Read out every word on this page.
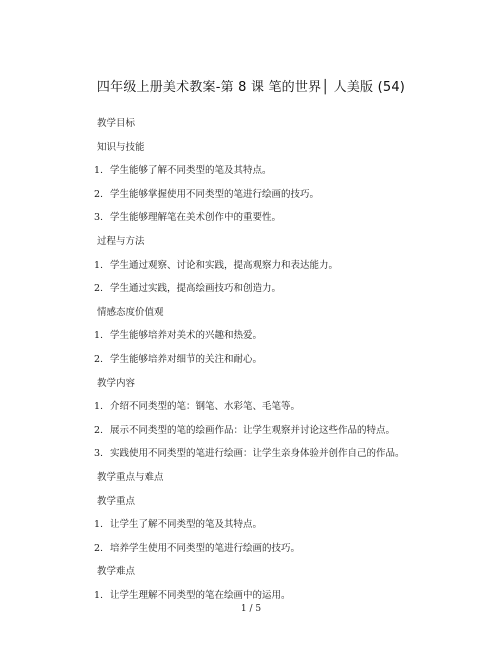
四年级上册美术教案-第 8 课 笔的世界│ 人美版 (54)
教学目标
知识与技能
1. 学生能够了解不同类型的笔及其特点。
2. 学生能够掌握使用不同类型的笔进行绘画的技巧。
3. 学生能够理解笔在美术创作中的重要性。
过程与方法
1. 学生通过观察、讨论和实践，提高观察力和表达能力。
2. 学生通过实践，提高绘画技巧和创造力。
情感态度价值观
1. 学生能够培养对美术的兴趣和热爱。
2. 学生能够培养对细节的关注和耐心。
教学内容
1. 介绍不同类型的笔：钢笔、水彩笔、毛笔等。
2. 展示不同类型的笔的绘画作品：让学生观察并讨论这些作品的特点。
3. 实践使用不同类型的笔进行绘画：让学生亲身体验并创作自己的作品。
教学重点与难点
教学重点
1. 让学生了解不同类型的笔及其特点。
2. 培养学生使用不同类型的笔进行绘画的技巧。
教学难点
1. 让学生理解不同类型的笔在绘画中的运用。
1 / 5
